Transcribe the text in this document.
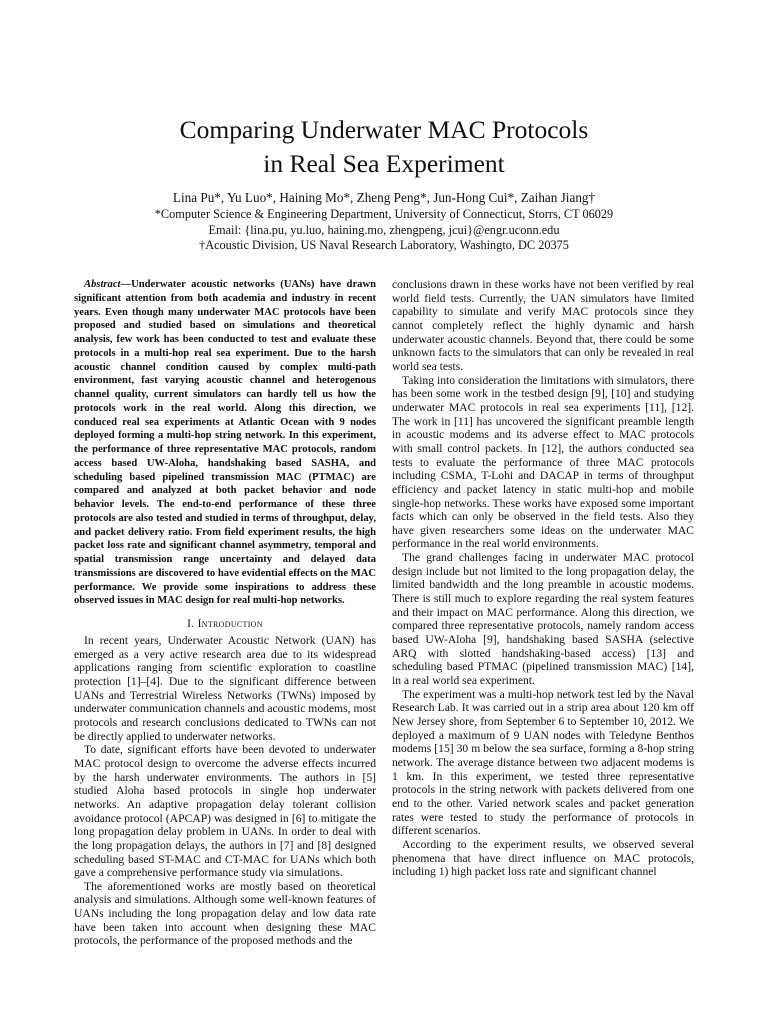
Comparing Underwater MAC Protocols
in Real Sea Experiment
Lina Pu*, Yu Luo*, Haining Mo*, Zheng Peng*, Jun-Hong Cui*, Zaihan Jiang†
*Computer Science & Engineering Department, University of Connecticut, Storrs, CT 06029
Email: {lina.pu, yu.luo, haining.mo, zhengpeng, jcui}@engr.uconn.edu
†Acoustic Division, US Naval Research Laboratory, Washingto, DC 20375

Abstract—Underwater acoustic networks (UANs) have drawn significant attention from both academia and industry in recent years. Even though many underwater MAC protocols have been proposed and studied based on simulations and theoretical analysis, few work has been conducted to test and evaluate these protocols in a multi-hop real sea experiment. Due to the harsh acoustic channel condition caused by complex multi-path environment, fast varying acoustic channel and heterogenous channel quality, current simulators can hardly tell us how the protocols work in the real world. Along this direction, we conduced real sea experiments at Atlantic Ocean with 9 nodes deployed forming a multi-hop string network. In this experiment, the performance of three representative MAC protocols, random access based UW-Aloha, handshaking based SASHA, and scheduling based pipelined transmission MAC (PTMAC) are compared and analyzed at both packet behavior and node behavior levels. The end-to-end performance of these three protocols are also tested and studied in terms of throughput, delay, and packet delivery ratio. From field experiment results, the high packet loss rate and significant channel asymmetry, temporal and spatial transmission range uncertainty and delayed data transmissions are discovered to have evidential effects on the MAC performance. We provide some inspirations to address these observed issues in MAC design for real multi-hop networks.

I. Introduction

In recent years, Underwater Acoustic Network (UAN) has emerged as a very active research area due to its widespread applications ranging from scientific exploration to coastline protection [1]–[4]. Due to the significant difference between UANs and Terrestrial Wireless Networks (TWNs) imposed by underwater communication channels and acoustic modems, most protocols and research conclusions dedicated to TWNs can not be directly applied to underwater networks.

To date, significant efforts have been devoted to underwater MAC protocol design to overcome the adverse effects incurred by the harsh underwater environments. The authors in [5] studied Aloha based protocols in single hop underwater networks. An adaptive propagation delay tolerant collision avoidance protocol (APCAP) was designed in [6] to mitigate the long propagation delay problem in UANs. In order to deal with the long propagation delays, the authors in [7] and [8] designed scheduling based ST-MAC and CT-MAC for UANs which both gave a comprehensive performance study via simulations.

The aforementioned works are mostly based on theoretical analysis and simulations. Although some well-known features of UANs including the long propagation delay and low data rate have been taken into account when designing these MAC protocols, the performance of the proposed methods and the

conclusions drawn in these works have not been verified by real world field tests. Currently, the UAN simulators have limited capability to simulate and verify MAC protocols since they cannot completely reflect the highly dynamic and harsh underwater acoustic channels. Beyond that, there could be some unknown facts to the simulators that can only be revealed in real world sea tests.

Taking into consideration the limitations with simulators, there has been some work in the testbed design [9], [10] and studying underwater MAC protocols in real sea experiments [11], [12]. The work in [11] has uncovered the significant preamble length in acoustic modems and its adverse effect to MAC protocols with small control packets. In [12], the authors conducted sea tests to evaluate the performance of three MAC protocols including CSMA, T-Lohi and DACAP in terms of throughput efficiency and packet latency in static multi-hop and mobile single-hop networks. These works have exposed some important facts which can only be observed in the field tests. Also they have given researchers some ideas on the underwater MAC performance in the real world environments.

The grand challenges facing in underwater MAC protocol design include but not limited to the long propagation delay, the limited bandwidth and the long preamble in acoustic modems. There is still much to explore regarding the real system features and their impact on MAC performance. Along this direction, we compared three representative protocols, namely random access based UW-Aloha [9], handshaking based SASHA (selective ARQ with slotted handshaking-based access) [13] and scheduling based PTMAC (pipelined transmission MAC) [14], in a real world sea experiment.

The experiment was a multi-hop network test led by the Naval Research Lab. It was carried out in a strip area about 120 km off New Jersey shore, from September 6 to September 10, 2012. We deployed a maximum of 9 UAN nodes with Teledyne Benthos modems [15] 30 m below the sea surface, forming a 8-hop string network. The average distance between two adjacent modems is 1 km. In this experiment, we tested three representative protocols in the string network with packets delivered from one end to the other. Varied network scales and packet generation rates were tested to study the performance of protocols in different scenarios.

According to the experiment results, we observed several phenomena that have direct influence on MAC protocols, including 1) high packet loss rate and significant channel
